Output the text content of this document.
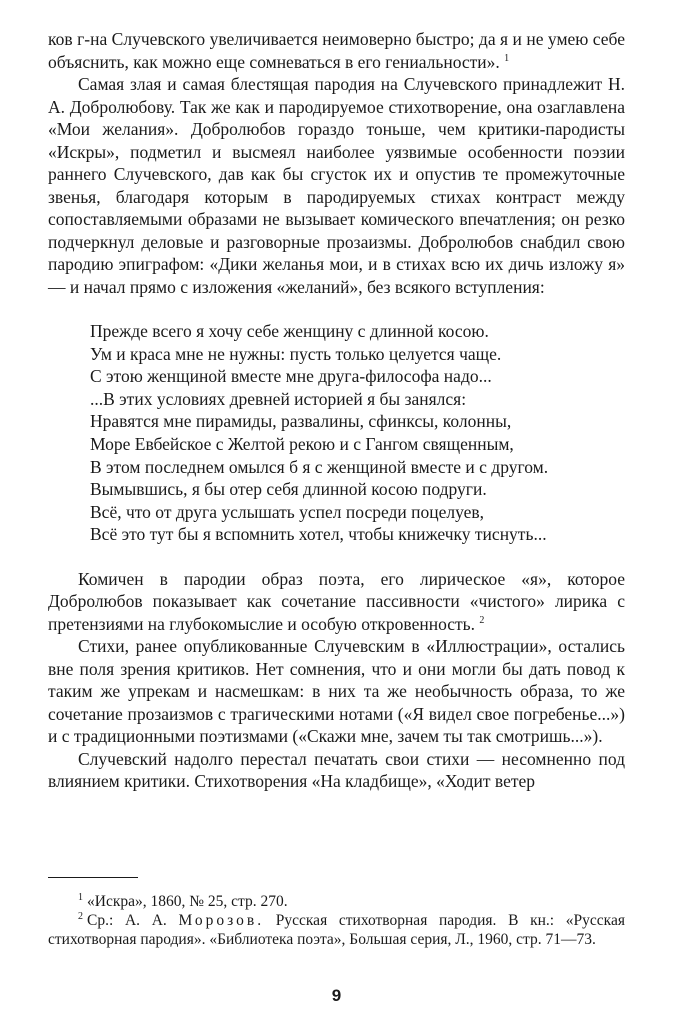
ков г-на Случевского увеличивается неимоверно быстро; да я и не умею себе объяснить, как можно еще сомневаться в его гениальности». $^1$

Самая злая и самая блестящая пародия на Случевского принадлежит Н. А. Добролюбову. Так же как и пародируемое стихотворение, она озаглавлена «Мои желания». Добролюбов гораздо тоньше, чем критики-пародисты «Искры», подметил и высмеял наиболее уязвимые особенности поэзии раннего Случевского, дав как бы сгусток их и опустив те промежуточные звенья, благодаря которым в пародируемых стихах контраст между сопоставляемыми образами не вызывает комического впечатления; он резко подчеркнул деловые и разговорные прозаизмы. Добролюбов снабдил свою пародию эпиграфом: «Дики желанья мои, и в стихах всю их дичь изложу я» — и начал прямо с изложения «желаний», без всякого вступления:

Прежде всего я хочу себе женщину с длинной косою.
Ум и краса мне не нужны: пусть только целуется чаще.
С этою женщиной вместе мне друга-философа надо...
...В этих условиях древней историей я бы занялся:
Нравятся мне пирамиды, развалины, сфинксы, колонны,
Море Евбейское с Желтой рекою и с Гангом священным,
В этом последнем омылся б я с женщиной вместе и с другом.
Вымывшись, я бы отер себя длинной косою подруги.
Всё, что от друга услышать успел посреди поцелуев,
Всё это тут бы я вспомнить хотел, чтобы книжечку тиснуть...

Комичен в пародии образ поэта, его лирическое «я», которое Добролюбов показывает как сочетание пассивности «чистого» лирика с претензиями на глубокомыслие и особую откровенность. $^2$

Стихи, ранее опубликованные Случевским в «Иллюстрации», остались вне поля зрения критиков. Нет сомнения, что и они могли бы дать повод к таким же упрекам и насмешкам: в них та же необычность образа, то же сочетание прозаизмов с трагическими нотами («Я видел свое погребенье...») и с традиционными поэтизмами («Скажи мне, зачем ты так смотришь...»).

Случевский надолго перестал печатать свои стихи — несомненно под влиянием критики. Стихотворения «На кладбище», «Ходит ветер

1 «Искра», 1860, № 25, стр. 270.

2 Ср.: А. А. Морозов. Русская стихотворная пародия. В кн.: «Русская стихотворная пародия». «Библиотека поэта», Большая серия, Л., 1960, стр. 71—73.

9
